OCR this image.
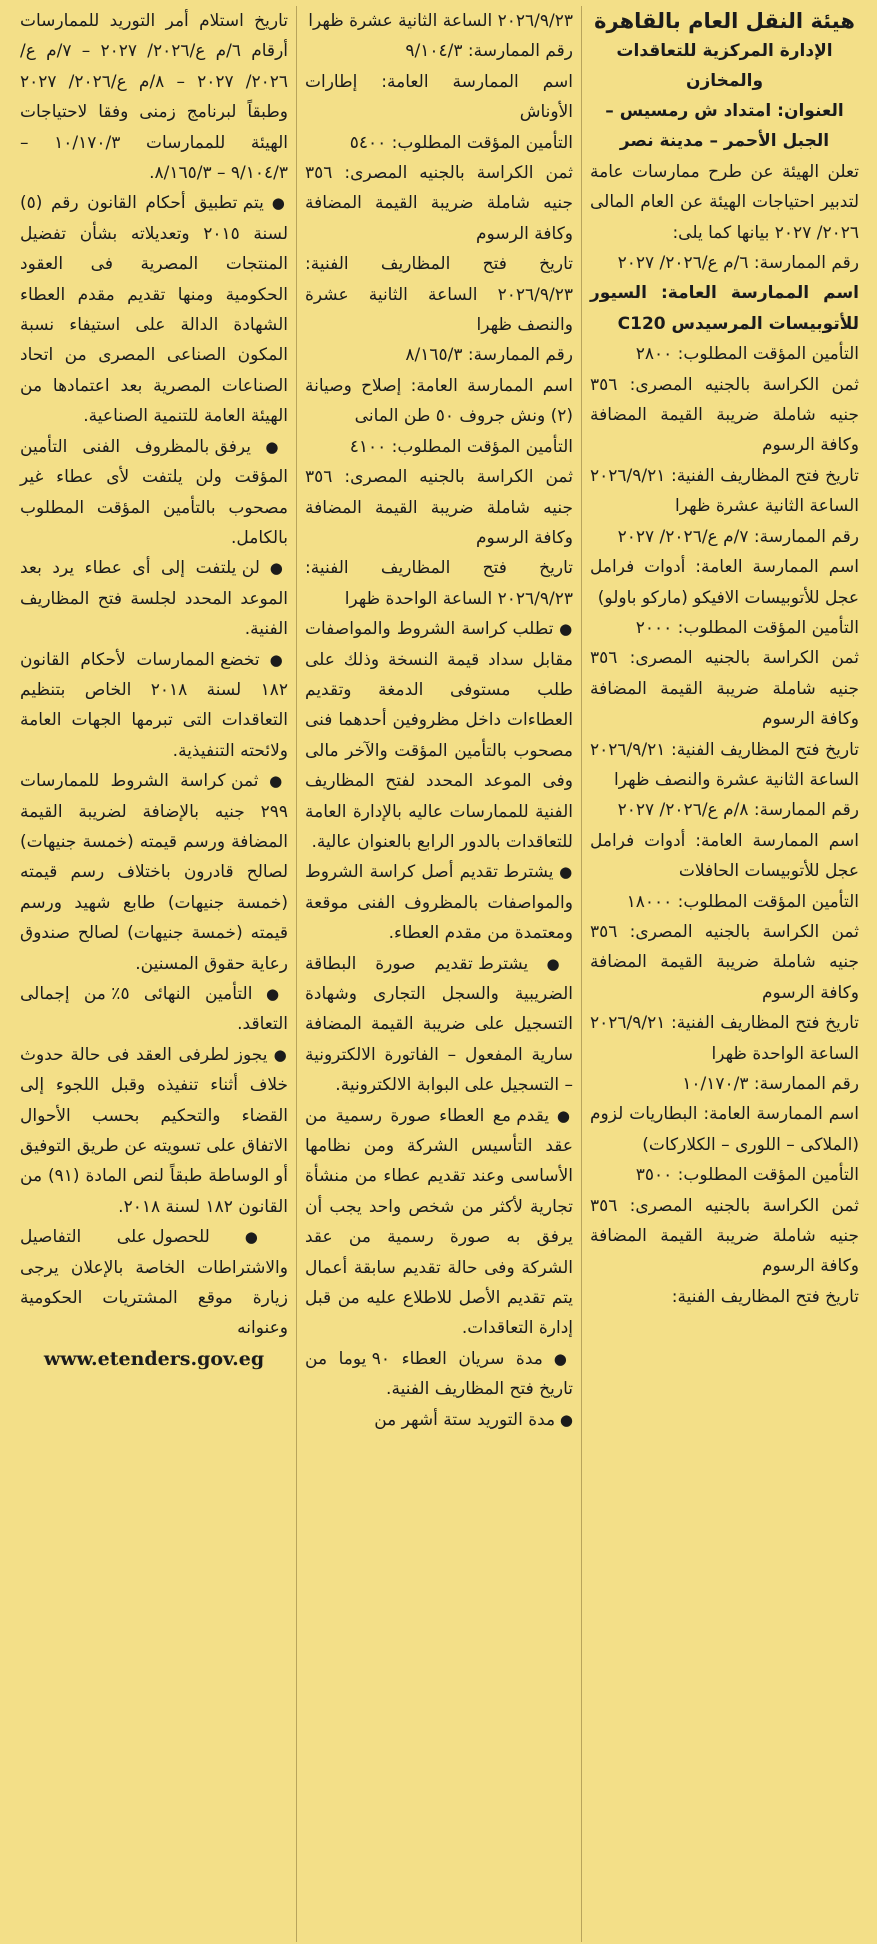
هيئة النقل العام بالقاهرة

الإدارة المركزية للتعاقدات والمخازن

العنوان: امتداد ش رمسيس – الجبل الأحمر – مدينة نصر

تعلن الهيئة عن طرح ممارسات عامة لتدبير احتياجات الهيئة عن العام المالى ٢٠٢٦/ ٢٠٢٧ بيانها كما يلى:

رقم الممارسة: ٦/م ع/٢٠٢٦/ ٢٠٢٧

اسم الممارسة العامة: السيور للأتوبيسات المرسيدس C120

التأمين المؤقت المطلوب: ٢٨٠٠

ثمن الكراسة بالجنيه المصرى: ٣٥٦ جنيه شاملة ضريبة القيمة المضافة وكافة الرسوم

تاريخ فتح المظاريف الفنية: ٢٠٢٦/٩/٢١ الساعة الثانية عشرة ظهرا

رقم الممارسة: ٧/م ع/٢٠٢٦/ ٢٠٢٧

اسم الممارسة العامة: أدوات فرامل عجل للأتوبيسات الافيكو (ماركو باولو)

التأمين المؤقت المطلوب: ٢٠٠٠

ثمن الكراسة بالجنيه المصرى: ٣٥٦ جنيه شاملة ضريبة القيمة المضافة وكافة الرسوم

تاريخ فتح المظاريف الفنية: ٢٠٢٦/٩/٢١ الساعة الثانية عشرة والنصف ظهرا

رقم الممارسة: ٨/م ع/٢٠٢٦/ ٢٠٢٧

اسم الممارسة العامة: أدوات فرامل عجل للأتوبيسات الحافلات

التأمين المؤقت المطلوب: ١٨٠٠٠

ثمن الكراسة بالجنيه المصرى: ٣٥٦ جنيه شاملة ضريبة القيمة المضافة وكافة الرسوم

تاريخ فتح المظاريف الفنية: ٢٠٢٦/٩/٢١ الساعة الواحدة ظهرا

رقم الممارسة: ١٠/١٧٠/٣

اسم الممارسة العامة: البطاريات لزوم (الملاكى – اللورى – الكلاركات)

التأمين المؤقت المطلوب: ٣٥٠٠

ثمن الكراسة بالجنيه المصرى: ٣٥٦ جنيه شاملة ضريبة القيمة المضافة وكافة الرسوم

تاريخ فتح المظاريف الفنية:

٢٠٢٦/٩/٢٣ الساعة الثانية عشرة ظهرا

رقم الممارسة: ٩/١٠٤/٣

اسم الممارسة العامة: إطارات الأوناش

التأمين المؤقت المطلوب: ٥٤٠٠

ثمن الكراسة بالجنيه المصرى: ٣٥٦ جنيه شاملة ضريبة القيمة المضافة وكافة الرسوم

تاريخ فتح المظاريف الفنية: ٢٠٢٦/٩/٢٣ الساعة الثانية عشرة والنصف ظهرا

رقم الممارسة: ٨/١٦٥/٣

اسم الممارسة العامة: إصلاح وصيانة (٢) ونش جروف ٥٠ طن المانى

التأمين المؤقت المطلوب: ٤١٠٠

ثمن الكراسة بالجنيه المصرى: ٣٥٦ جنيه شاملة ضريبة القيمة المضافة وكافة الرسوم

تاريخ فتح المظاريف الفنية: ٢٠٢٦/٩/٢٣ الساعة الواحدة ظهرا

● تطلب كراسة الشروط والمواصفات مقابل سداد قيمة النسخة وذلك على طلب مستوفى الدمغة وتقديم العطاءات داخل مظروفين أحدهما فنى مصحوب بالتأمين المؤقت والآخر مالى وفى الموعد المحدد لفتح المظاريف الفنية للممارسات عاليه بالإدارة العامة للتعاقدات بالدور الرابع بالعنوان عالية.

● يشترط تقديم أصل كراسة الشروط والمواصفات بالمظروف الفنى موقعة ومعتمدة من مقدم العطاء.

● يشترط تقديم صورة البطاقة الضريبية والسجل التجارى وشهادة التسجيل على ضريبة القيمة المضافة سارية المفعول – الفاتورة الالكترونية – التسجيل على البوابة الالكترونية.

● يقدم مع العطاء صورة رسمية من عقد التأسيس الشركة ومن نظامها الأساسى وعند تقديم عطاء من منشأة تجارية لأكثر من شخص واحد يجب أن يرفق به صورة رسمية من عقد الشركة وفى حالة تقديم سابقة أعمال يتم تقديم الأصل للاطلاع عليه من قبل إدارة التعاقدات.

● مدة سريان العطاء ٩٠ يوما من تاريخ فتح المظاريف الفنية.

● مدة التوريد ستة أشهر من

تاريخ استلام أمر التوريد للممارسات أرقام ٦/م ع/٢٠٢٦/ ٢٠٢٧ – ٧/م ع/٢٠٢٦/ ٢٠٢٧ – ٨/م ع/٢٠٢٦/ ٢٠٢٧ وطبقاً لبرنامج زمنى وفقا لاحتياجات الهيئة للممارسات ١٠/١٧٠/٣ – ٩/١٠٤/٣ – ٨/١٦٥/٣.

● يتم تطبيق أحكام القانون رقم (٥) لسنة ٢٠١٥ وتعديلاته بشأن تفضيل المنتجات المصرية فى العقود الحكومية ومنها تقديم مقدم العطاء الشهادة الدالة على استيفاء نسبة المكون الصناعى المصرى من اتحاد الصناعات المصرية بعد اعتمادها من الهيئة العامة للتنمية الصناعية.

● يرفق بالمظروف الفنى التأمين المؤقت ولن يلتفت لأى عطاء غير مصحوب بالتأمين المؤقت المطلوب بالكامل.

● لن يلتفت إلى أى عطاء يرد بعد الموعد المحدد لجلسة فتح المظاريف الفنية.

● تخضع الممارسات لأحكام القانون ١٨٢ لسنة ٢٠١٨ الخاص بتنظيم التعاقدات التى تبرمها الجهات العامة ولائحته التنفيذية.

● ثمن كراسة الشروط للممارسات ٢٩٩ جنيه بالإضافة لضريبة القيمة المضافة ورسم قيمته (خمسة جنيهات) لصالح قادرون باختلاف رسم قيمته (خمسة جنيهات) طابع شهيد ورسم قيمته (خمسة جنيهات) لصالح صندوق رعاية حقوق المسنين.

● التأمين النهائى ٥٪ من إجمالى التعاقد.

● يجوز لطرفى العقد فى حالة حدوث خلاف أثناء تنفيذه وقبل اللجوء إلى القضاء والتحكيم بحسب الأحوال الاتفاق على تسويته عن طريق التوفيق أو الوساطة طبقاً لنص المادة (٩١) من القانون ١٨٢ لسنة ٢٠١٨.

● للحصول على التفاصيل والاشتراطات الخاصة بالإعلان يرجى زيارة موقع المشتريات الحكومية وعنوانه

www.etenders.gov.eg
